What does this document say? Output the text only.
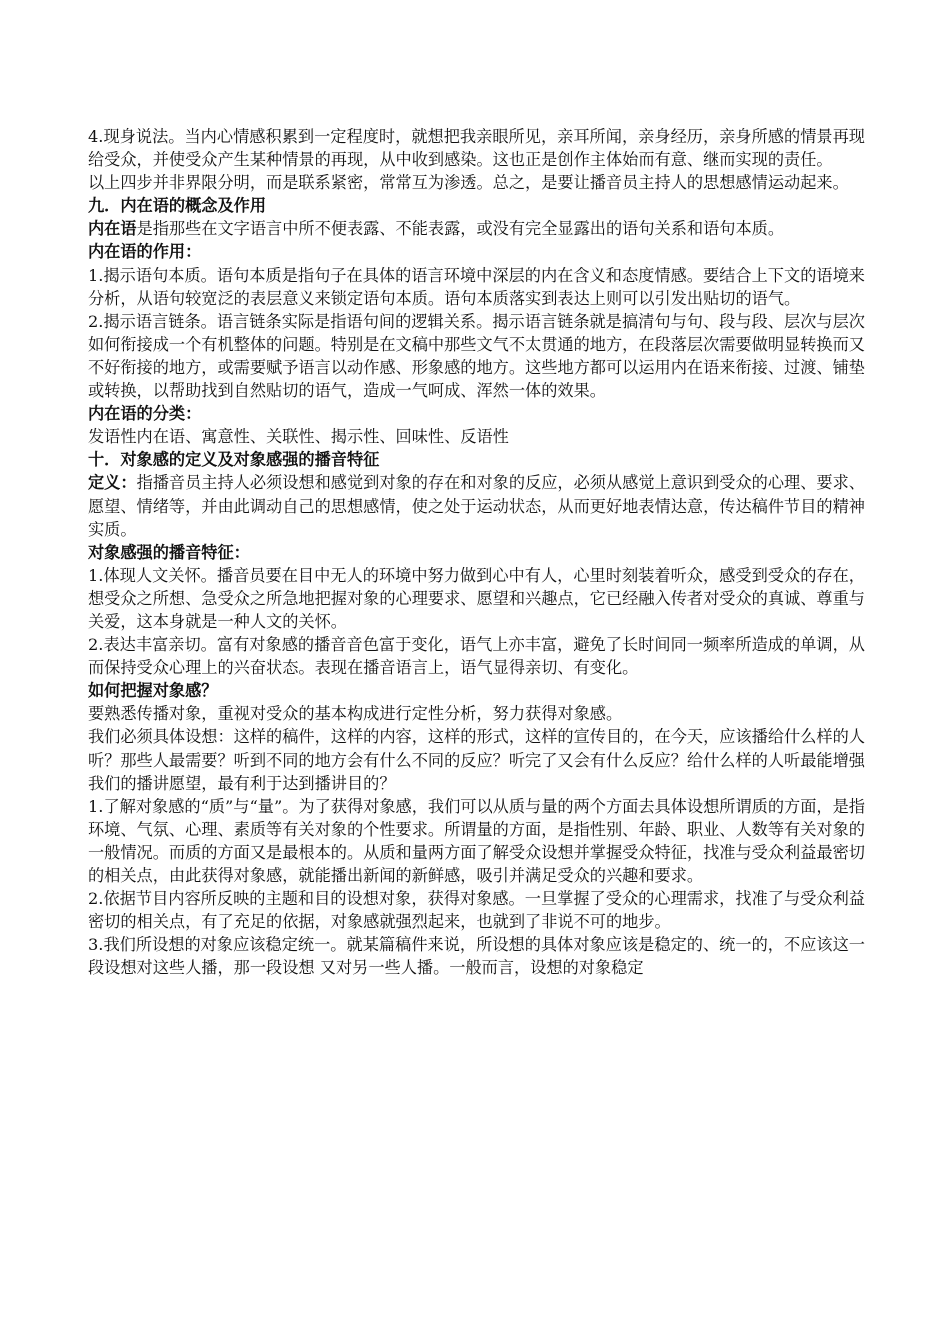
4.现身说法。当内心情感积累到一定程度时，就想把我亲眼所见，亲耳所闻，亲身经历，亲身所感的情景再现给受众，并使受众产生某种情景的再现，从中收到感染。这也正是创作主体始而有意、继而实现的责任。

以上四步并非界限分明，而是联系紧密，常常互为渗透。总之，是要让播音员主持人的思想感情运动起来。

九．内在语的概念及作用

内在语是指那些在文字语言中所不便表露、不能表露，或没有完全显露出的语句关系和语句本质。

内在语的作用：

1.揭示语句本质。语句本质是指句子在具体的语言环境中深层的内在含义和态度情感。要结合上下文的语境来分析，从语句较宽泛的表层意义来锁定语句本质。语句本质落实到表达上则可以引发出贴切的语气。

2.揭示语言链条。语言链条实际是指语句间的逻辑关系。揭示语言链条就是搞清句与句、段与段、层次与层次如何衔接成一个有机整体的问题。特别是在文稿中那些文气不太贯通的地方，在段落层次需要做明显转换而又不好衔接的地方，或需要赋予语言以动作感、形象感的地方。这些地方都可以运用内在语来衔接、过渡、铺垫或转换，以帮助找到自然贴切的语气，造成一气呵成、浑然一体的效果。

内在语的分类：

发语性内在语、寓意性、关联性、揭示性、回味性、反语性

十．对象感的定义及对象感强的播音特征

定义：指播音员主持人必须设想和感觉到对象的存在和对象的反应，必须从感觉上意识到受众的心理、要求、愿望、情绪等，并由此调动自己的思想感情，使之处于运动状态，从而更好地表情达意，传达稿件节目的精神实质。

对象感强的播音特征：

1.体现人文关怀。播音员要在目中无人的环境中努力做到心中有人，心里时刻装着听众，感受到受众的存在，想受众之所想、急受众之所急地把握对象的心理要求、愿望和兴趣点，它已经融入传者对受众的真诚、尊重与关爱，这本身就是一种人文的关怀。

2.表达丰富亲切。富有对象感的播音音色富于变化，语气上亦丰富，避免了长时间同一频率所造成的单调，从而保持受众心理上的兴奋状态。表现在播音语言上，语气显得亲切、有变化。

如何把握对象感？

要熟悉传播对象，重视对受众的基本构成进行定性分析，努力获得对象感。

我们必须具体设想：这样的稿件，这样的内容，这样的形式，这样的宣传目的，在今天，应该播给什么样的人听？那些人最需要？听到不同的地方会有什么不同的反应？听完了又会有什么反应？给什么样的人听最能增强我们的播讲愿望，最有利于达到播讲目的？

1.了解对象感的“质”与“量”。为了获得对象感，我们可以从质与量的两个方面去具体设想所谓质的方面，是指环境、气氛、心理、素质等有关对象的个性要求。所谓量的方面，是指性别、年龄、职业、人数等有关对象的一般情况。而质的方面又是最根本的。从质和量两方面了解受众设想并掌握受众特征，找准与受众利益最密切的相关点，由此获得对象感，就能播出新闻的新鲜感，吸引并满足受众的兴趣和要求。

2.依据节目内容所反映的主题和目的设想对象，获得对象感。一旦掌握了受众的心理需求，找准了与受众利益密切的相关点，有了充足的依据，对象感就强烈起来，也就到了非说不可的地步。

3.我们所设想的对象应该稳定统一。就某篇稿件来说，所设想的具体对象应该是稳定的、统一的，不应该这一段设想对这些人播，那一段设想 又对另一些人播。一般而言，设想的对象稳定
